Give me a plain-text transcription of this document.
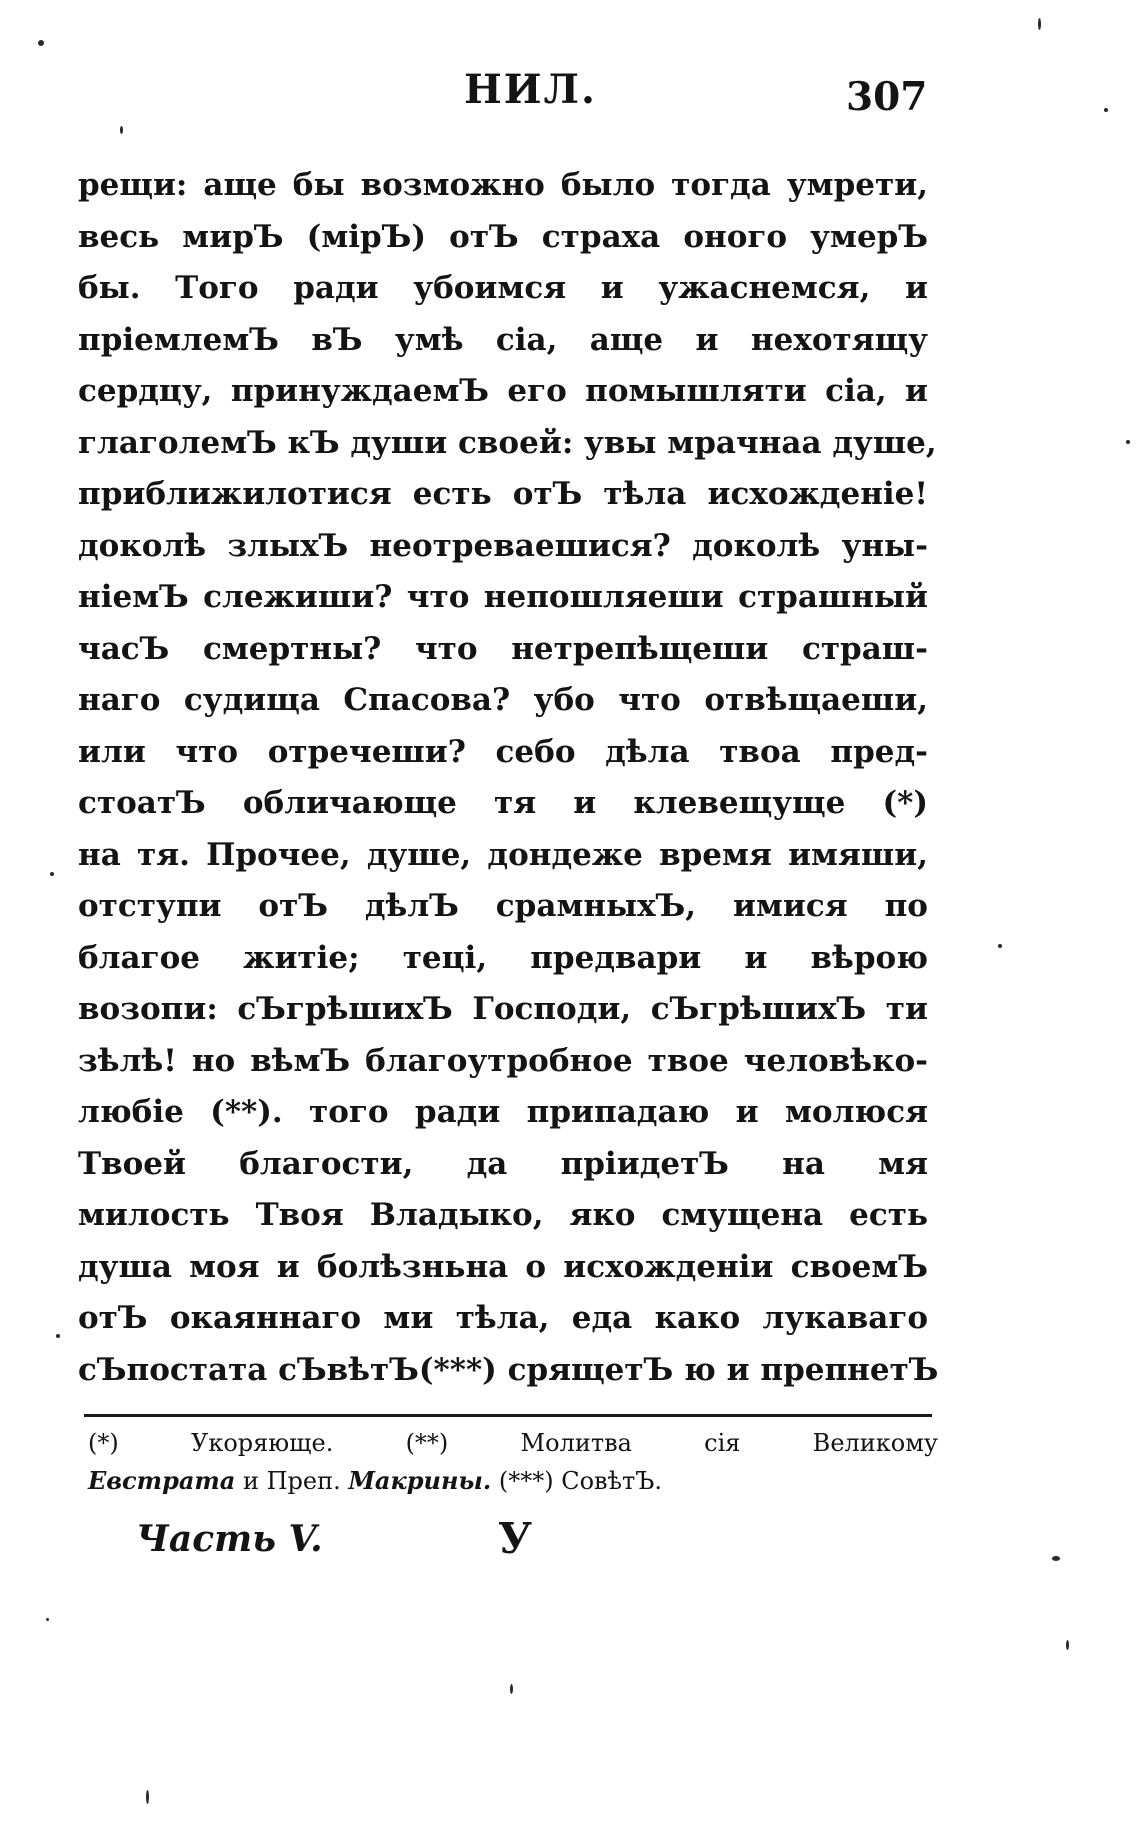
НИЛ.	307
рещи: аще бы возможно было тогда умрети,
весь мирЪ (мірЪ) отЪ страха оного умерЪ
бы. Того ради убоимся и ужаснемся, и
пріемлемЪ вЪ умѣ сіа, аще и нехотящу
сердцу, принуждаемЪ его помышляти сіа, и
глаголемЪ кЪ души своей: увы мрачнаа душе,
приближилотися есть отЪ тѣла исхожденіе!
доколѣ злыхЪ неотреваешися? доколѣ уны-
ніемЪ слежиши? что непошляеши страшный
часЪ смертны? что нетрепѣщеши страш-
наго судища Спасова? убо что отвѣщаеши,
или что отречеши? себо дѣла твоа пред-
стоатЪ обличающе тя и клевещуще (*)
на тя. Прочее, душе, дондеже время имяши,
отступи отЪ дѣлЪ срамныхЪ, имися по
благое житіе; теці, предвари и вѣрою
возопи: сЪгрѣшихЪ Господи, сЪгрѣшихЪ ти
зѣлѣ! но вѣмЪ благоутробное твое человѣко-
любіе (**). того ради припадаю и молюся
Твоей благости, да пріидетЪ на мя
милость Твоя Владыко, яко смущена есть
душа моя и болѣзньна о исхожденіи своемЪ
отЪ окаяннаго ми тѣла, еда како лукаваго
сЪпостата сЪвѣтЪ(***) срящетЪ ю и препнетЪ
(*) Укоряюще. (**) Молитва сія Великому
Евстрата и Преп. Макрины. (***) СовѣтЪ.
Часть V.	У
